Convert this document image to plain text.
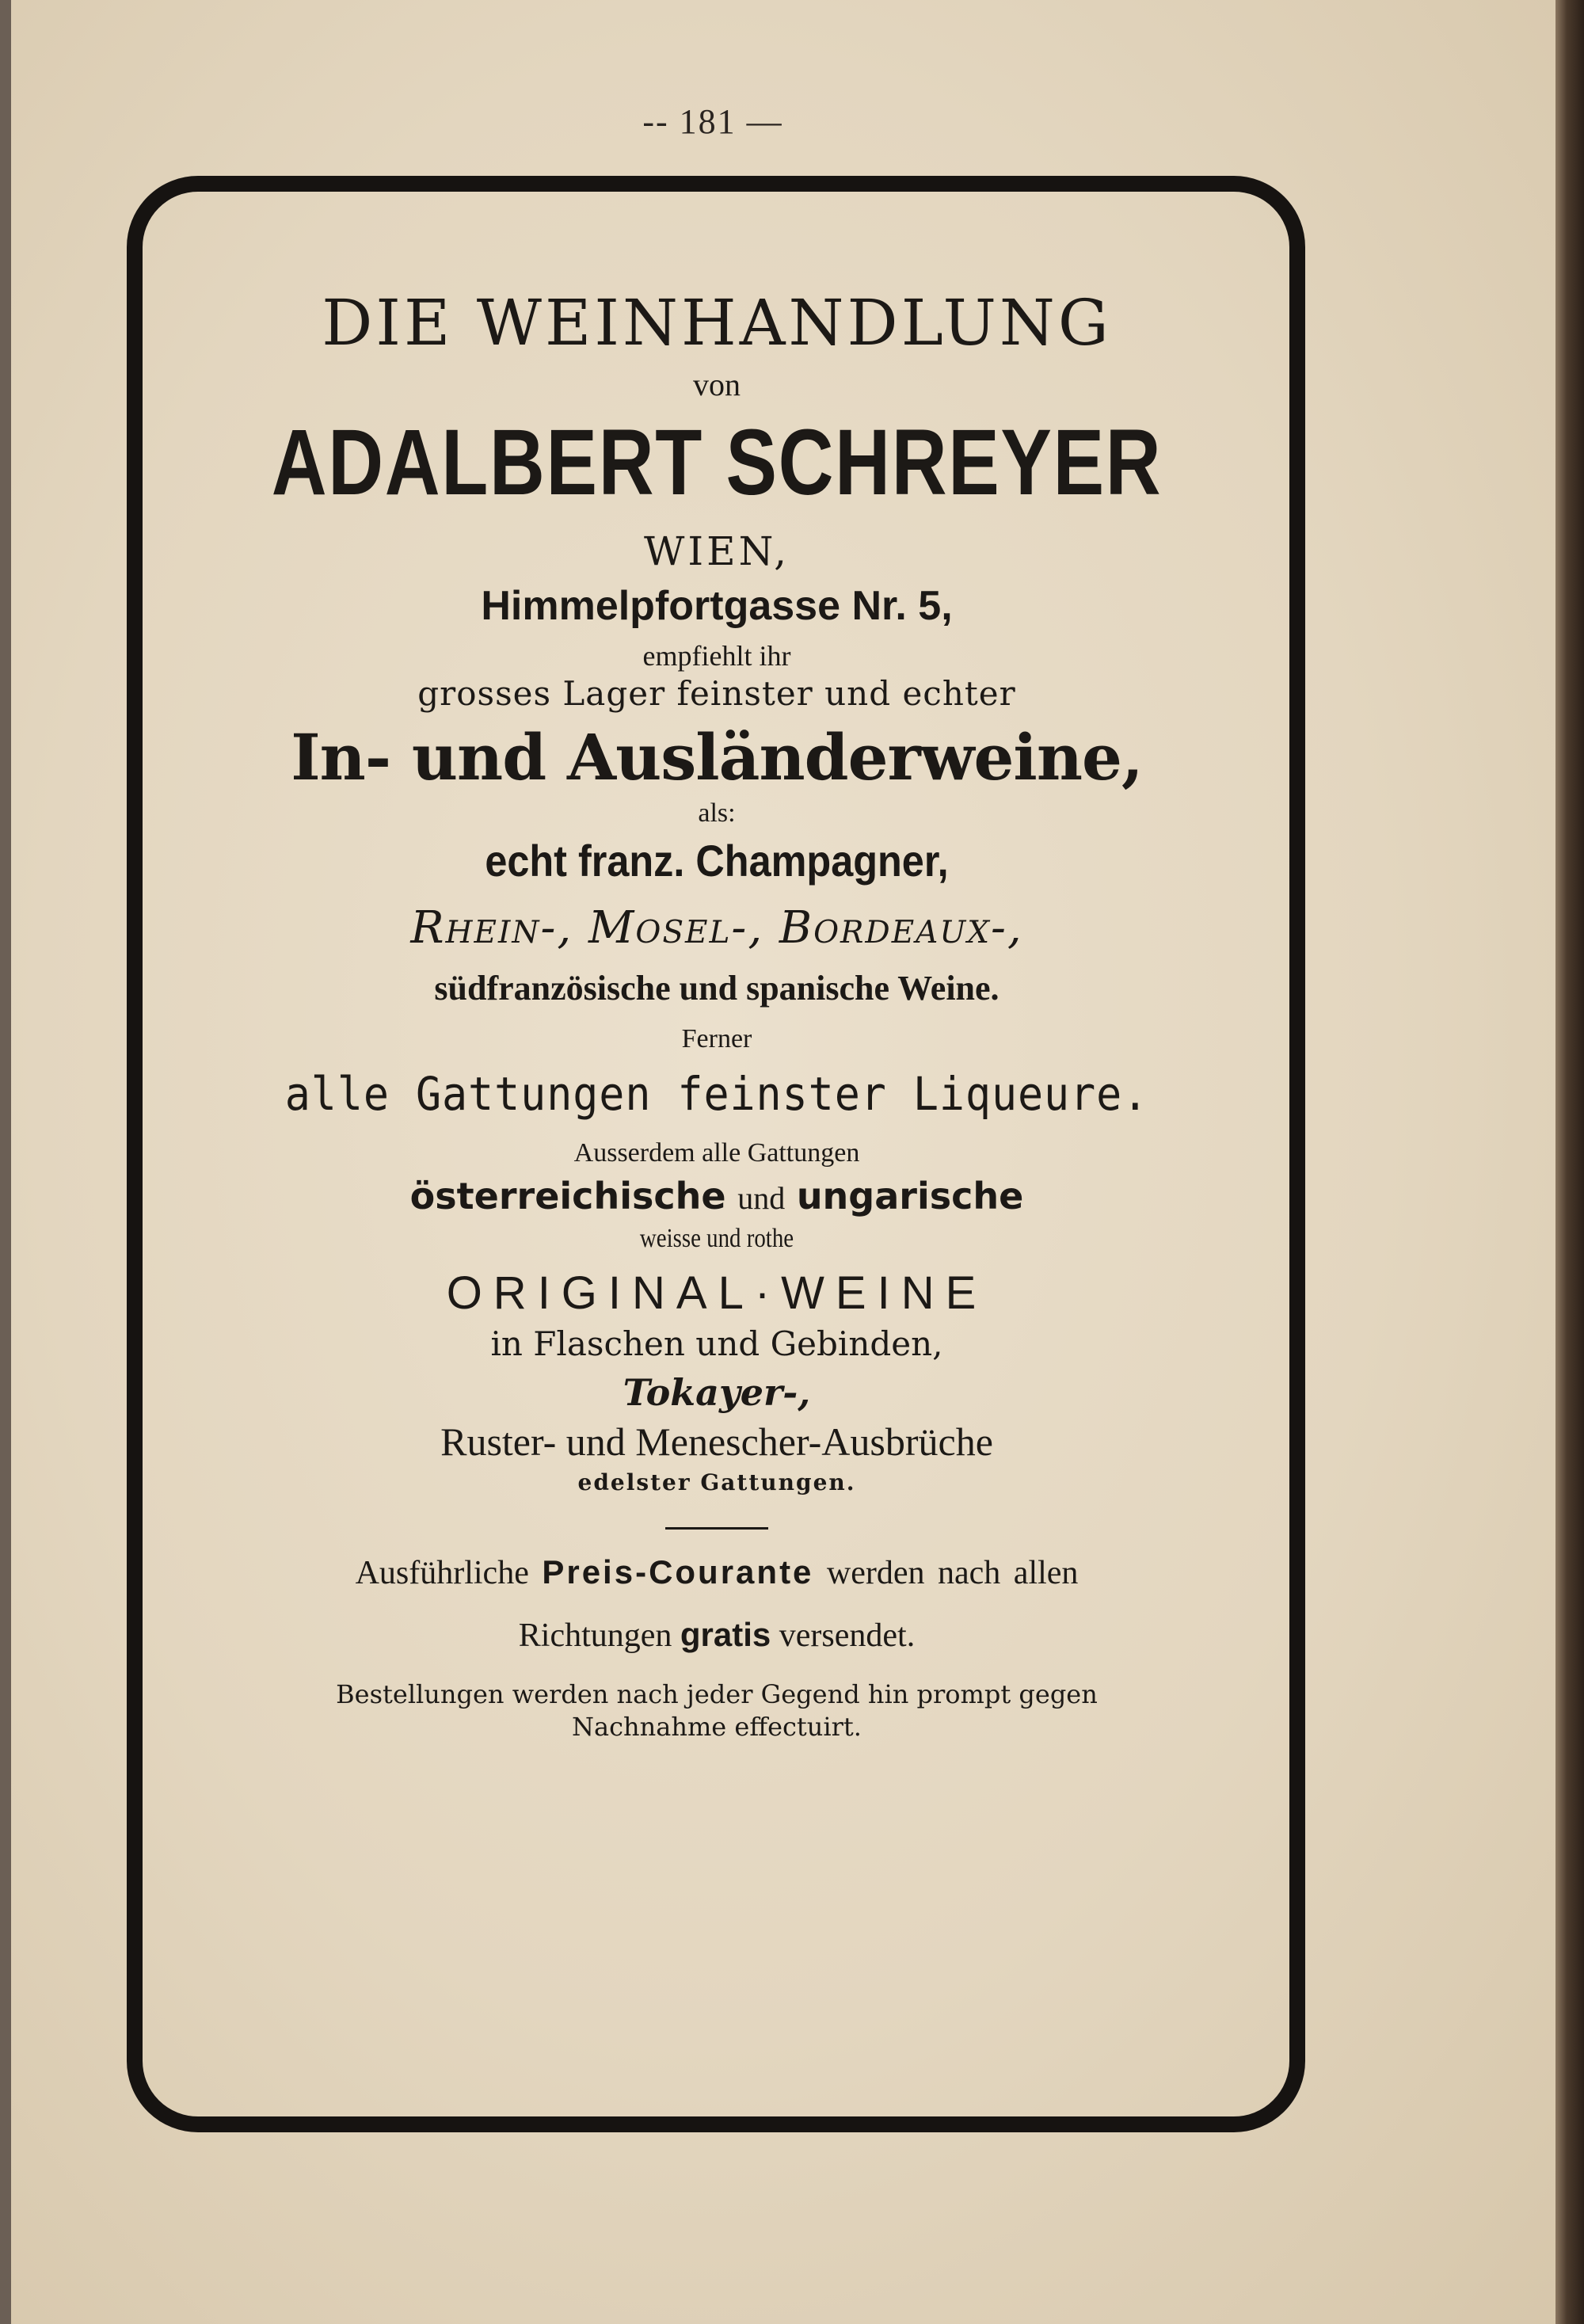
-- 181 —
DIE WEINHANDLUNG
von
ADALBERT SCHREYER
WIEN,
Himmelpfortgasse Nr. 5,
empfiehlt ihr
grosses Lager feinster und echter
In- und Ausländerweine,
als:
echt franz. Champagner,
Rhein-, Mosel-, Bordeaux-,
südfranzösische und spanische Weine.
Ferner
alle Gattungen feinster Liqueure.
Ausserdem alle Gattungen
österreichische und ungarische
weisse und rothe
ORIGINAL·WEINE
in Flaschen und Gebinden,
Tokayer-,
Ruster- und Menescher-Ausbrüche
edelster Gattungen.
Ausführliche Preis-Courante werden nach allen
Richtungen gratis versendet.
Bestellungen werden nach jeder Gegend hin prompt gegen
Nachnahme effectuirt.
